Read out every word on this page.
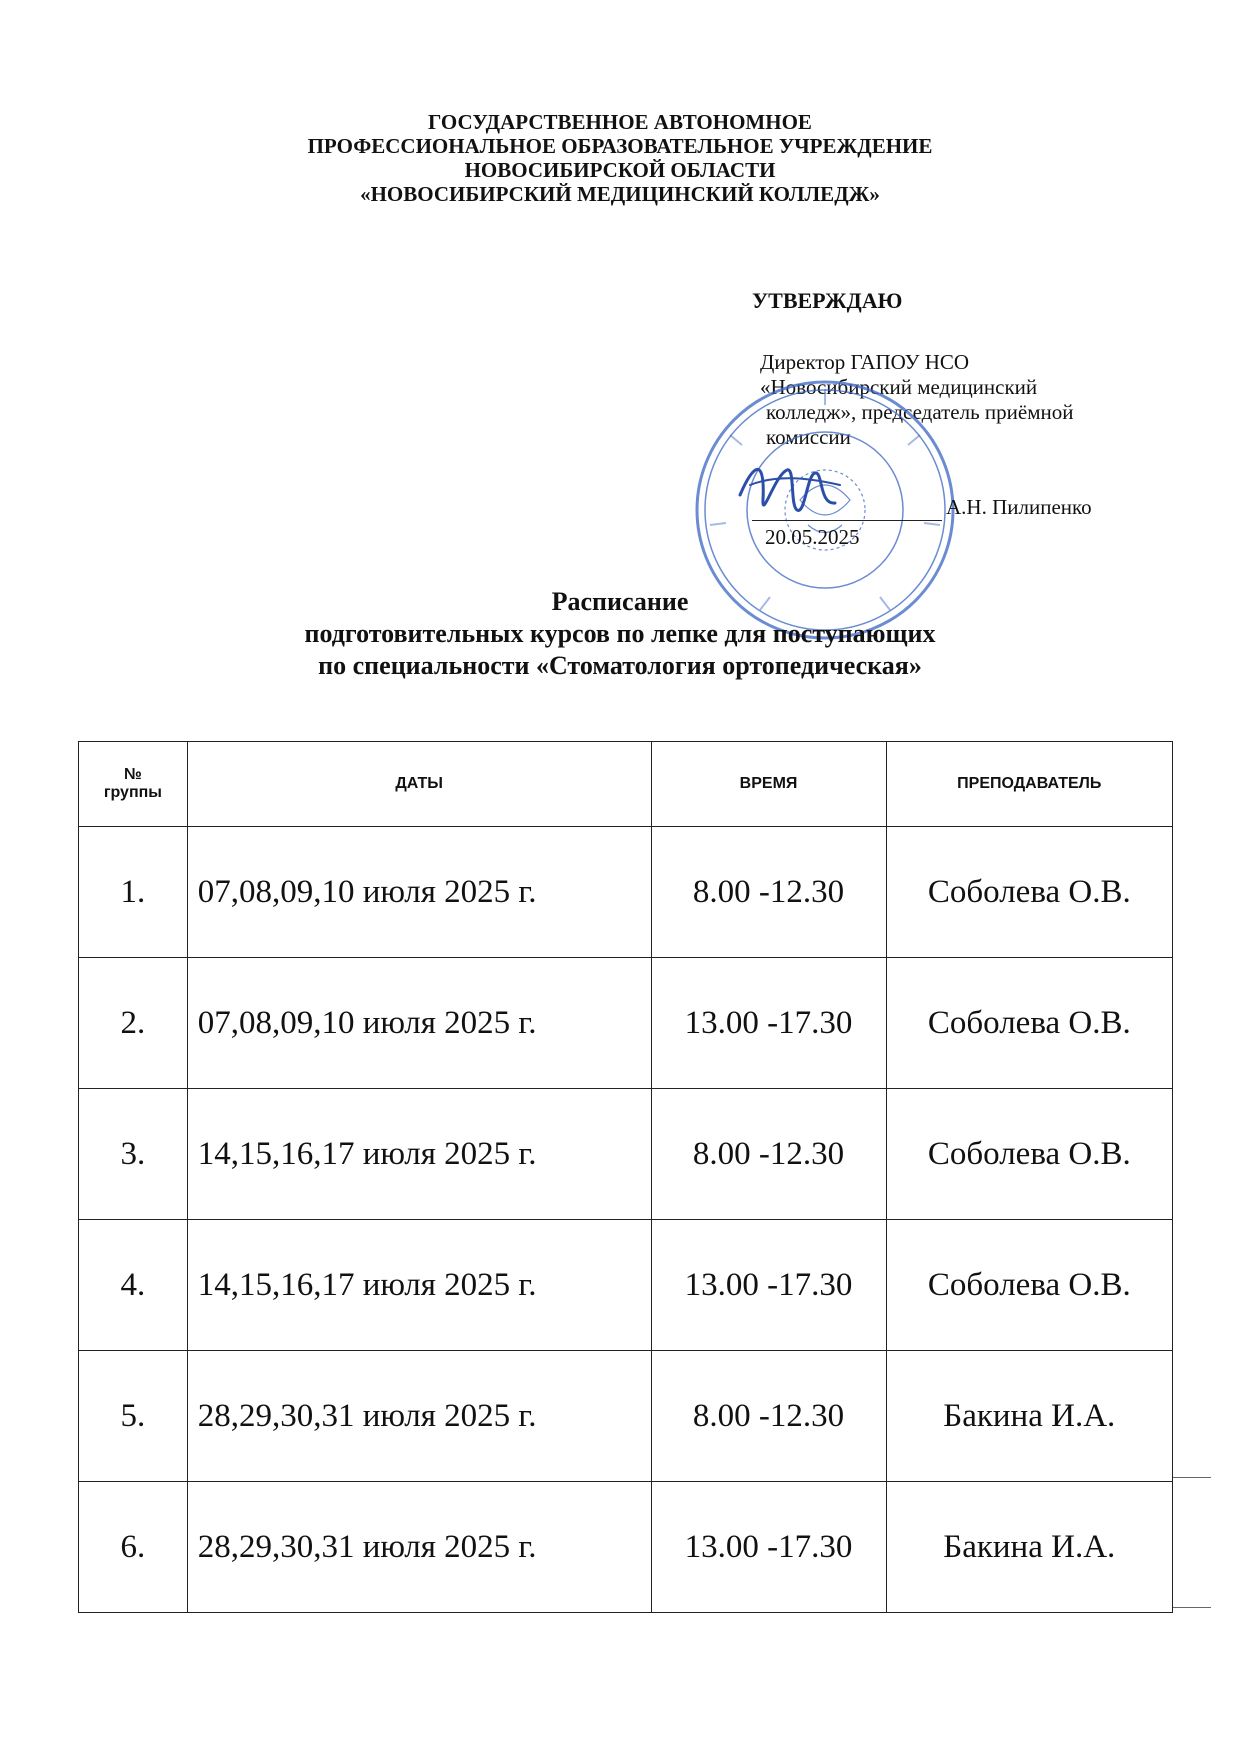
ГОСУДАРСТВЕННОЕ АВТОНОМНОЕ
ПРОФЕССИОНАЛЬНОЕ ОБРАЗОВАТЕЛЬНОЕ УЧРЕЖДЕНИЕ
НОВОСИБИРСКОЙ ОБЛАСТИ
«НОВОСИБИРСКИЙ МЕДИЦИНСКИЙ КОЛЛЕДЖ»
УТВЕРЖДАЮ
Директор ГАПОУ НСО
«Новосибирский медицинский
колледж», председатель приёмной
комиссии
А.Н. Пилипенко
20.05.2025
Расписание
подготовительных курсов по лепке для поступающих
по специальности «Стоматология ортопедическая»
№
группы	ДАТЫ	ВРЕМЯ	ПРЕПОДАВАТЕЛЬ
1.	07,08,09,10 июля 2025 г.	8.00 -12.30	Соболева О.В.
2.	07,08,09,10 июля 2025 г.	13.00 -17.30	Соболева О.В.
3.	14,15,16,17 июля 2025 г.	8.00 -12.30	Соболева О.В.
4.	14,15,16,17 июля 2025 г.	13.00 -17.30	Соболева О.В.
5.	28,29,30,31 июля 2025 г.	8.00 -12.30	Бакина И.А.
6.	28,29,30,31 июля 2025 г.	13.00 -17.30	Бакина И.А.
